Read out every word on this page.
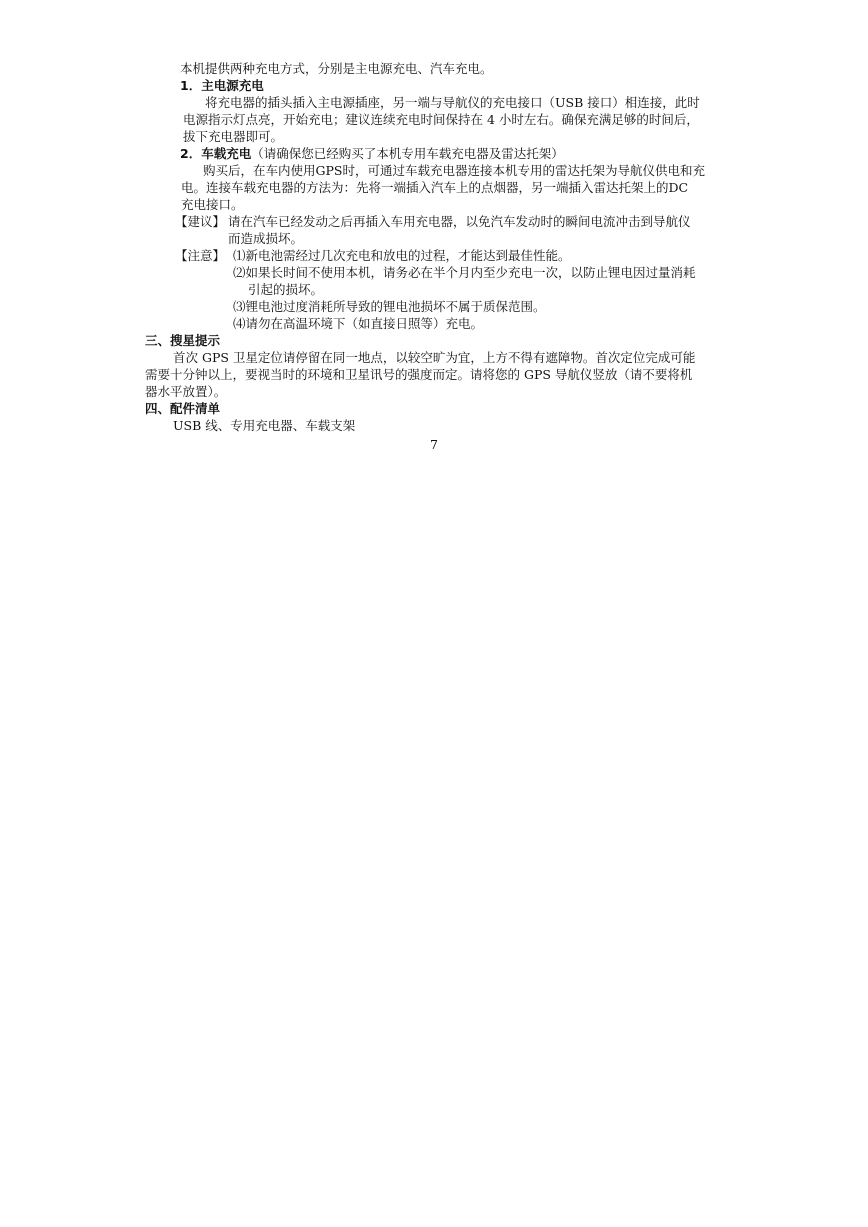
本机提供两种充电方式，分别是主电源充电、汽车充电。
1．主电源充电
将充电器的插头插入主电源插座，另一端与导航仪的充电接口（USB 接口）相连接，此时
电源指示灯点亮，开始充电；建议连续充电时间保持在 4 小时左右。确保充满足够的时间后，
拔下充电器即可。
2．车载充电（请确保您已经购买了本机专用车载充电器及雷达托架）
购买后，在车内使用GPS时，可通过车载充电器连接本机专用的雷达托架为导航仪供电和充
电。连接车载充电器的方法为：先将一端插入汽车上的点烟器，另一端插入雷达托架上的DC
充电接口。
【建议】 请在汽车已经发动之后再插入车用充电器，以免汽车发动时的瞬间电流冲击到导航仪
而造成损坏。
【注意】 ⑴新电池需经过几次充电和放电的过程，才能达到最佳性能。
⑵如果长时间不使用本机，请务必在半个月内至少充电一次，以防止锂电因过量消耗
引起的损坏。
⑶锂电池过度消耗所导致的锂电池损坏不属于质保范围。
⑷请勿在高温环境下（如直接日照等）充电。
三、搜星提示
首次 GPS 卫星定位请停留在同一地点，以较空旷为宜，上方不得有遮障物。首次定位完成可能
需要十分钟以上，要视当时的环境和卫星讯号的强度而定。请将您的 GPS 导航仪竖放（请不要将机
器水平放置）。
四、配件清单
USB 线、专用充电器、车载支架
7
